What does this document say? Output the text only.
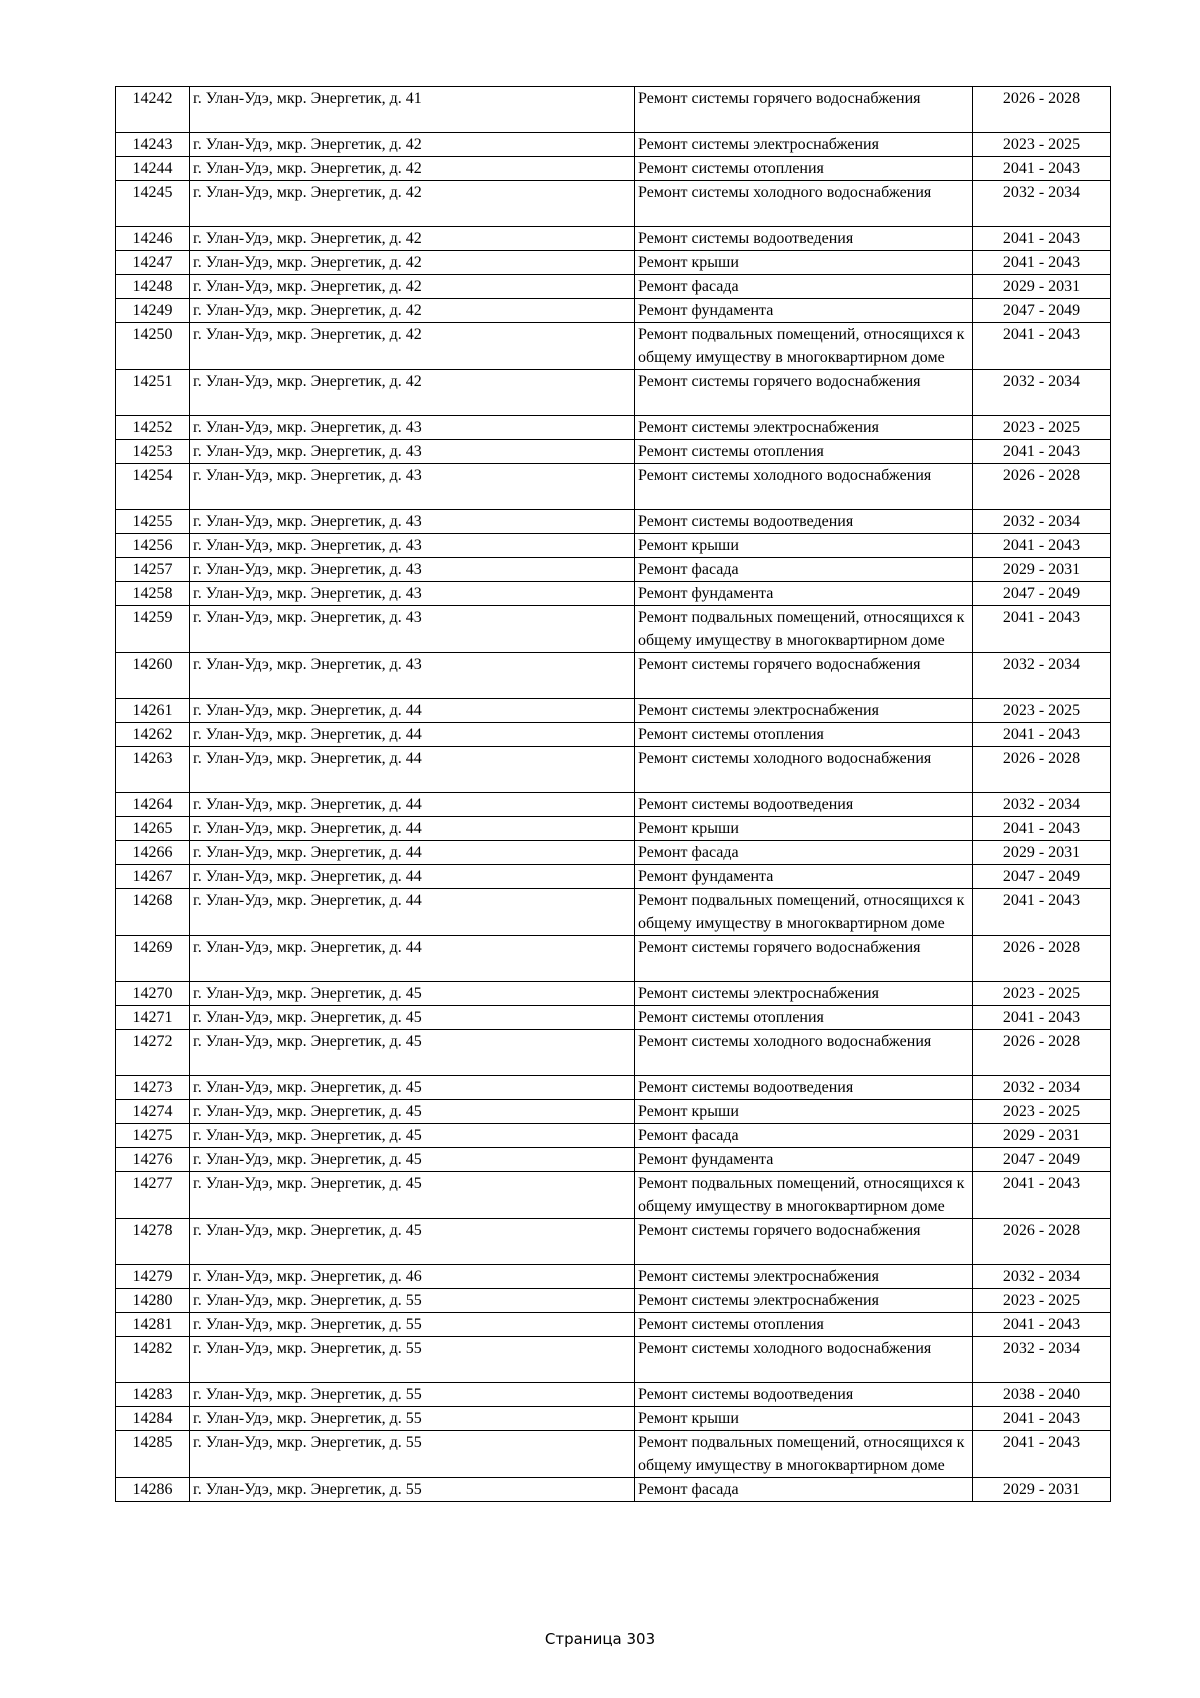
14242	г. Улан-Удэ, мкр. Энергетик, д. 41	Ремонт системы горячего водоснабжения	2026 - 2028
14243	г. Улан-Удэ, мкр. Энергетик, д. 42	Ремонт системы электроснабжения	2023 - 2025
14244	г. Улан-Удэ, мкр. Энергетик, д. 42	Ремонт системы отопления	2041 - 2043
14245	г. Улан-Удэ, мкр. Энергетик, д. 42	Ремонт системы холодного водоснабжения	2032 - 2034
14246	г. Улан-Удэ, мкр. Энергетик, д. 42	Ремонт системы водоотведения	2041 - 2043
14247	г. Улан-Удэ, мкр. Энергетик, д. 42	Ремонт крыши	2041 - 2043
14248	г. Улан-Удэ, мкр. Энергетик, д. 42	Ремонт фасада	2029 - 2031
14249	г. Улан-Удэ, мкр. Энергетик, д. 42	Ремонт фундамента	2047 - 2049
14250	г. Улан-Удэ, мкр. Энергетик, д. 42	Ремонт подвальных помещений, относящихся к общему имуществу в многоквартирном доме	2041 - 2043
14251	г. Улан-Удэ, мкр. Энергетик, д. 42	Ремонт системы горячего водоснабжения	2032 - 2034
14252	г. Улан-Удэ, мкр. Энергетик, д. 43	Ремонт системы электроснабжения	2023 - 2025
14253	г. Улан-Удэ, мкр. Энергетик, д. 43	Ремонт системы отопления	2041 - 2043
14254	г. Улан-Удэ, мкр. Энергетик, д. 43	Ремонт системы холодного водоснабжения	2026 - 2028
14255	г. Улан-Удэ, мкр. Энергетик, д. 43	Ремонт системы водоотведения	2032 - 2034
14256	г. Улан-Удэ, мкр. Энергетик, д. 43	Ремонт крыши	2041 - 2043
14257	г. Улан-Удэ, мкр. Энергетик, д. 43	Ремонт фасада	2029 - 2031
14258	г. Улан-Удэ, мкр. Энергетик, д. 43	Ремонт фундамента	2047 - 2049
14259	г. Улан-Удэ, мкр. Энергетик, д. 43	Ремонт подвальных помещений, относящихся к общему имуществу в многоквартирном доме	2041 - 2043
14260	г. Улан-Удэ, мкр. Энергетик, д. 43	Ремонт системы горячего водоснабжения	2032 - 2034
14261	г. Улан-Удэ, мкр. Энергетик, д. 44	Ремонт системы электроснабжения	2023 - 2025
14262	г. Улан-Удэ, мкр. Энергетик, д. 44	Ремонт системы отопления	2041 - 2043
14263	г. Улан-Удэ, мкр. Энергетик, д. 44	Ремонт системы холодного водоснабжения	2026 - 2028
14264	г. Улан-Удэ, мкр. Энергетик, д. 44	Ремонт системы водоотведения	2032 - 2034
14265	г. Улан-Удэ, мкр. Энергетик, д. 44	Ремонт крыши	2041 - 2043
14266	г. Улан-Удэ, мкр. Энергетик, д. 44	Ремонт фасада	2029 - 2031
14267	г. Улан-Удэ, мкр. Энергетик, д. 44	Ремонт фундамента	2047 - 2049
14268	г. Улан-Удэ, мкр. Энергетик, д. 44	Ремонт подвальных помещений, относящихся к общему имуществу в многоквартирном доме	2041 - 2043
14269	г. Улан-Удэ, мкр. Энергетик, д. 44	Ремонт системы горячего водоснабжения	2026 - 2028
14270	г. Улан-Удэ, мкр. Энергетик, д. 45	Ремонт системы электроснабжения	2023 - 2025
14271	г. Улан-Удэ, мкр. Энергетик, д. 45	Ремонт системы отопления	2041 - 2043
14272	г. Улан-Удэ, мкр. Энергетик, д. 45	Ремонт системы холодного водоснабжения	2026 - 2028
14273	г. Улан-Удэ, мкр. Энергетик, д. 45	Ремонт системы водоотведения	2032 - 2034
14274	г. Улан-Удэ, мкр. Энергетик, д. 45	Ремонт крыши	2023 - 2025
14275	г. Улан-Удэ, мкр. Энергетик, д. 45	Ремонт фасада	2029 - 2031
14276	г. Улан-Удэ, мкр. Энергетик, д. 45	Ремонт фундамента	2047 - 2049
14277	г. Улан-Удэ, мкр. Энергетик, д. 45	Ремонт подвальных помещений, относящихся к общему имуществу в многоквартирном доме	2041 - 2043
14278	г. Улан-Удэ, мкр. Энергетик, д. 45	Ремонт системы горячего водоснабжения	2026 - 2028
14279	г. Улан-Удэ, мкр. Энергетик, д. 46	Ремонт системы электроснабжения	2032 - 2034
14280	г. Улан-Удэ, мкр. Энергетик, д. 55	Ремонт системы электроснабжения	2023 - 2025
14281	г. Улан-Удэ, мкр. Энергетик, д. 55	Ремонт системы отопления	2041 - 2043
14282	г. Улан-Удэ, мкр. Энергетик, д. 55	Ремонт системы холодного водоснабжения	2032 - 2034
14283	г. Улан-Удэ, мкр. Энергетик, д. 55	Ремонт системы водоотведения	2038 - 2040
14284	г. Улан-Удэ, мкр. Энергетик, д. 55	Ремонт крыши	2041 - 2043
14285	г. Улан-Удэ, мкр. Энергетик, д. 55	Ремонт подвальных помещений, относящихся к общему имуществу в многоквартирном доме	2041 - 2043
14286	г. Улан-Удэ, мкр. Энергетик, д. 55	Ремонт фасада	2029 - 2031
Страница 303
